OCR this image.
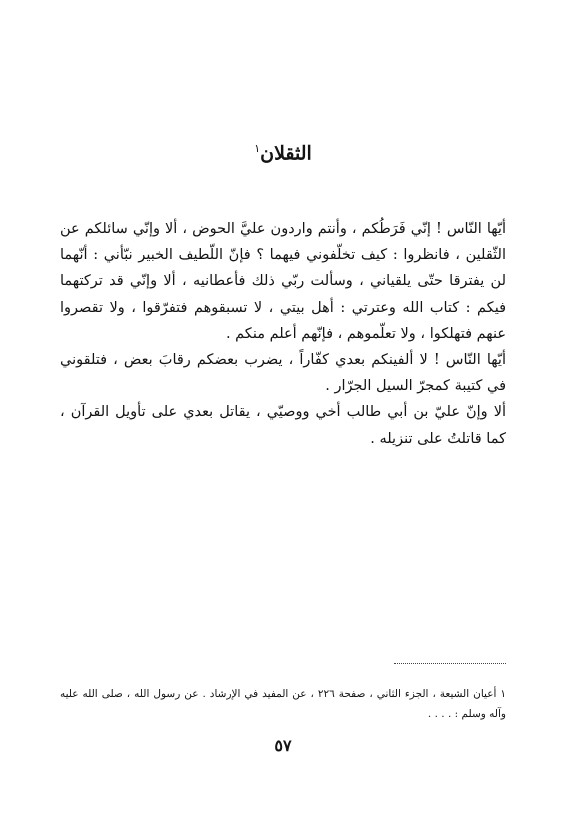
الثقلان$^١$

أيّها النّاس ! إنّي فَرَطُكم ، وأنتم واردون عليَّ الحوض ، ألا وإنّي سائلكم عن الثّقلين ، فانظروا : كيف تخلّفوني فيهما ؟ فإنّ اللّطيف الخبير نبّأني : أنّهما لن يفترقا حتّى يلقياني ، وسألت ربّي ذلك فأعطانيه ، ألا وإنّي قد تركتهما فيكم : كتاب الله وعترتي : أهل بيتي ، لا تسبقوهم فتفرّقوا ، ولا تقصروا عنهم فتهلكوا ، ولا تعلّموهم ، فإنّهم أعلم منكم .

أيّها النّاس ! لا ألفينكم بعدي كفّاراً ، يضرب بعضكم رقابَ بعض ، فتلقوني في كتيبة كمجرّ السيل الجرّار .

ألا وإنّ عليّ بن أبي طالب أخي ووصيّي ، يقاتل بعدي على تأويل القرآن ، كما قاتلتُ على تنزيله .

١ أعيان الشيعة ، الجزء الثاني ، صفحة ٢٢٦ ، عن المفيد في الإرشاد . عن رسول الله ، صلى الله عليه وآله وسلم : . . . .
٥٧
